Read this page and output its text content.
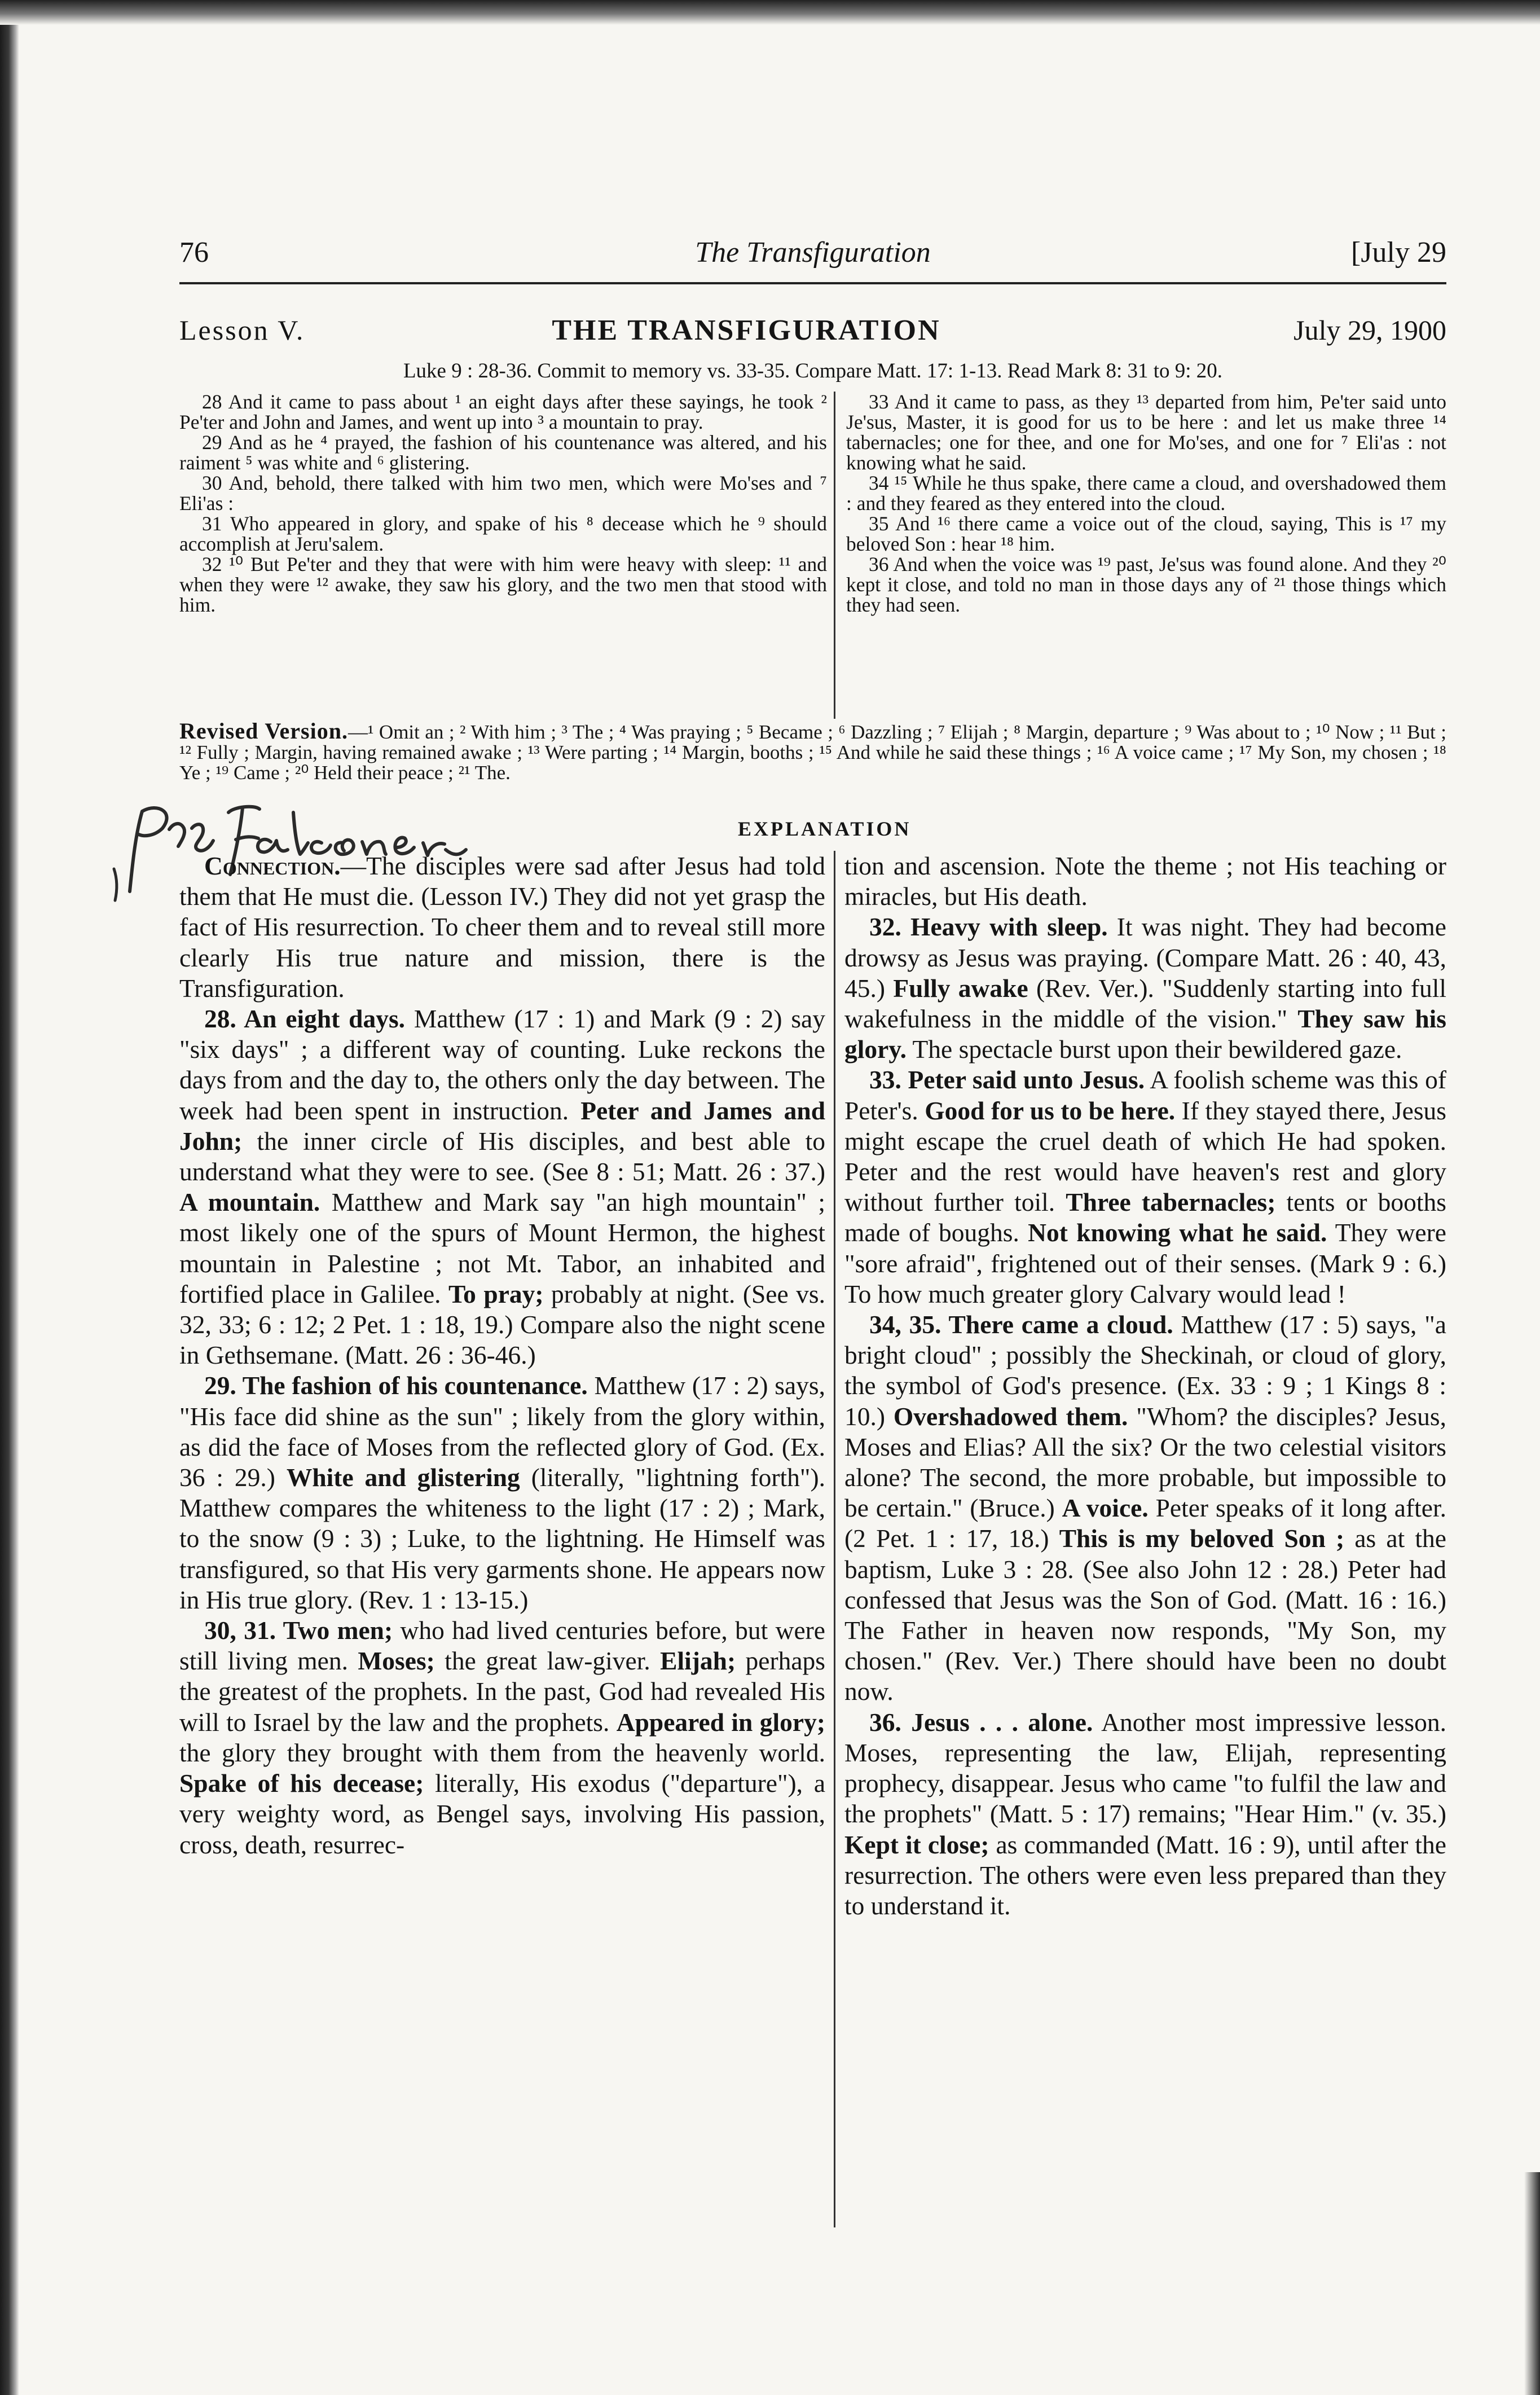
76	The Transfiguration	[July 29
Lesson V.	THE TRANSFIGURATION	July 29, 1900
Luke 9 : 28-36. Commit to memory vs. 33-35. Compare Matt. 17: 1-13. Read Mark 8: 31 to 9: 20.

28 And it came to pass about ¹ an eight days after these sayings, he took ² Pe'ter and John and James, and went up into ³ a mountain to pray.

29 And as he ⁴ prayed, the fashion of his countenance was altered, and his raiment ⁵ was white and ⁶ glistering.

30 And, behold, there talked with him two men, which were Mo'ses and ⁷ Eli'as :

31 Who appeared in glory, and spake of his ⁸ decease which he ⁹ should accomplish at Jeru'salem.

32 ¹⁰ But Pe'ter and they that were with him were heavy with sleep: ¹¹ and when they were ¹² awake, they saw his glory, and the two men that stood with him.

33 And it came to pass, as they ¹³ departed from him, Pe'ter said unto Je'sus, Master, it is good for us to be here : and let us make three ¹⁴ tabernacles; one for thee, and one for Mo'ses, and one for ⁷ Eli'as : not knowing what he said.

34 ¹⁵ While he thus spake, there came a cloud, and overshadowed them : and they feared as they entered into the cloud.

35 And ¹⁶ there came a voice out of the cloud, saying, This is ¹⁷ my beloved Son : hear ¹⁸ him.

36 And when the voice was ¹⁹ past, Je'sus was found alone. And they ²⁰ kept it close, and told no man in those days any of ²¹ those things which they had seen.

Revised Version.—¹ Omit an ; ² With him ; ³ The ; ⁴ Was praying ; ⁵ Became ; ⁶ Dazzling ; ⁷ Elijah ; ⁸ Margin, departure ; ⁹ Was about to ; ¹⁰ Now ; ¹¹ But ; ¹² Fully ; Margin, having remained awake ; ¹³ Were parting ; ¹⁴ Margin, booths ; ¹⁵ And while he said these things ; ¹⁶ A voice came ; ¹⁷ My Son, my chosen ; ¹⁸ Ye ; ¹⁹ Came ; ²⁰ Held their peace ; ²¹ The.
EXPLANATION

Connection.—The disciples were sad after Jesus had told them that He must die. (Lesson IV.) They did not yet grasp the fact of His resurrection. To cheer them and to reveal still more clearly His true nature and mission, there is the Transfiguration.

28. An eight days. Matthew (17 : 1) and Mark (9 : 2) say "six days" ; a different way of counting. Luke reckons the days from and the day to, the others only the day between. The week had been spent in instruction. Peter and James and John; the inner circle of His disciples, and best able to understand what they were to see. (See 8 : 51; Matt. 26 : 37.) A mountain. Matthew and Mark say "an high mountain" ; most likely one of the spurs of Mount Hermon, the highest mountain in Palestine ; not Mt. Tabor, an inhabited and fortified place in Galilee. To pray; probably at night. (See vs. 32, 33; 6 : 12; 2 Pet. 1 : 18, 19.) Compare also the night scene in Gethsemane. (Matt. 26 : 36-46.)

29. The fashion of his countenance. Matthew (17 : 2) says, "His face did shine as the sun" ; likely from the glory within, as did the face of Moses from the reflected glory of God. (Ex. 36 : 29.) White and glistering (literally, "lightning forth"). Matthew compares the whiteness to the light (17 : 2) ; Mark, to the snow (9 : 3) ; Luke, to the lightning. He Himself was transfigured, so that His very garments shone. He appears now in His true glory. (Rev. 1 : 13-15.)

30, 31. Two men; who had lived centuries before, but were still living men. Moses; the great law-giver. Elijah; perhaps the greatest of the prophets. In the past, God had revealed His will to Israel by the law and the prophets. Appeared in glory; the glory they brought with them from the heavenly world. Spake of his decease; literally, His exodus ("departure"), a very weighty word, as Bengel says, involving His passion, cross, death, resurrec-

tion and ascension. Note the theme ; not His teaching or miracles, but His death.

32. Heavy with sleep. It was night. They had become drowsy as Jesus was praying. (Compare Matt. 26 : 40, 43, 45.) Fully awake (Rev. Ver.). "Suddenly starting into full wakefulness in the middle of the vision." They saw his glory. The spectacle burst upon their bewildered gaze.

33. Peter said unto Jesus. A foolish scheme was this of Peter's. Good for us to be here. If they stayed there, Jesus might escape the cruel death of which He had spoken. Peter and the rest would have heaven's rest and glory without further toil. Three tabernacles; tents or booths made of boughs. Not knowing what he said. They were "sore afraid", frightened out of their senses. (Mark 9 : 6.) To how much greater glory Calvary would lead !

34, 35. There came a cloud. Matthew (17 : 5) says, "a bright cloud" ; possibly the Sheckinah, or cloud of glory, the symbol of God's presence. (Ex. 33 : 9 ; 1 Kings 8 : 10.) Overshadowed them. "Whom? the disciples? Jesus, Moses and Elias? All the six? Or the two celestial visitors alone? The second, the more probable, but impossible to be certain." (Bruce.) A voice. Peter speaks of it long after. (2 Pet. 1 : 17, 18.) This is my beloved Son ; as at the baptism, Luke 3 : 28. (See also John 12 : 28.) Peter had confessed that Jesus was the Son of God. (Matt. 16 : 16.) The Father in heaven now responds, "My Son, my chosen." (Rev. Ver.) There should have been no doubt now.

36. Jesus . . . alone. Another most impressive lesson. Moses, representing the law, Elijah, representing prophecy, disappear. Jesus who came "to fulfil the law and the prophets" (Matt. 5 : 17) remains; "Hear Him." (v. 35.) Kept it close; as commanded (Matt. 16 : 9), until after the resurrection. The others were even less prepared than they to understand it.
